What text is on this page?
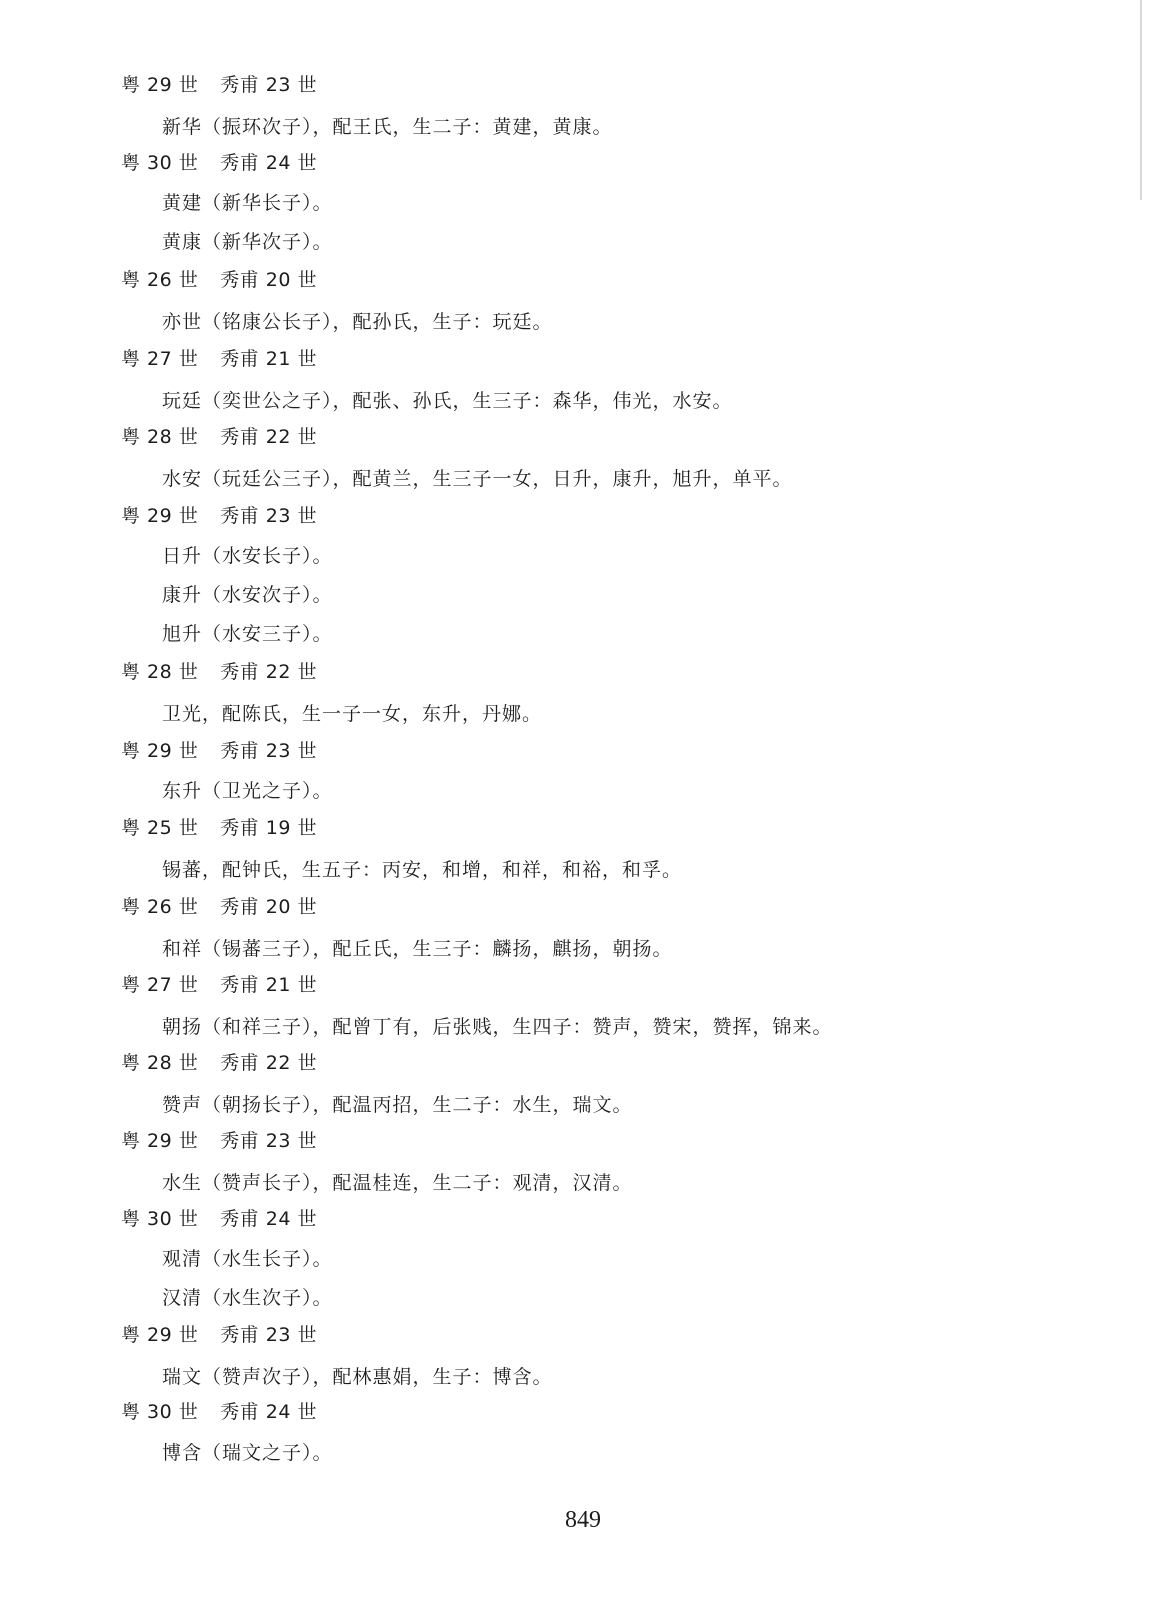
粤 29 世 秀甫 23 世
新华（振环次子），配王氏，生二子：黄建，黄康。
粤 30 世 秀甫 24 世
黄建（新华长子）。
黄康（新华次子）。
粤 26 世 秀甫 20 世
亦世（铭康公长子），配孙氏，生子：玩廷。
粤 27 世 秀甫 21 世
玩廷（奕世公之子），配张、孙氏，生三子：森华，伟光，水安。
粤 28 世 秀甫 22 世
水安（玩廷公三子），配黄兰，生三子一女，日升，康升，旭升，单平。
粤 29 世 秀甫 23 世
日升（水安长子）。
康升（水安次子）。
旭升（水安三子）。
粤 28 世 秀甫 22 世
卫光，配陈氏，生一子一女，东升，丹娜。
粤 29 世 秀甫 23 世
东升（卫光之子）。
粤 25 世 秀甫 19 世
锡蕃，配钟氏，生五子：丙安，和增，和祥，和裕，和孚。
粤 26 世 秀甫 20 世
和祥（锡蕃三子），配丘氏，生三子：麟扬，麒扬，朝扬。
粤 27 世 秀甫 21 世
朝扬（和祥三子），配曾丁有，后张贱，生四子：赞声，赞宋，赞挥，锦来。
粤 28 世 秀甫 22 世
赞声（朝扬长子），配温丙招，生二子：水生，瑞文。
粤 29 世 秀甫 23 世
水生（赞声长子），配温桂连，生二子：观清，汉清。
粤 30 世 秀甫 24 世
观清（水生长子）。
汉清（水生次子）。
粤 29 世 秀甫 23 世
瑞文（赞声次子），配林惠娟，生子：博含。
粤 30 世 秀甫 24 世
博含（瑞文之子）。
849
